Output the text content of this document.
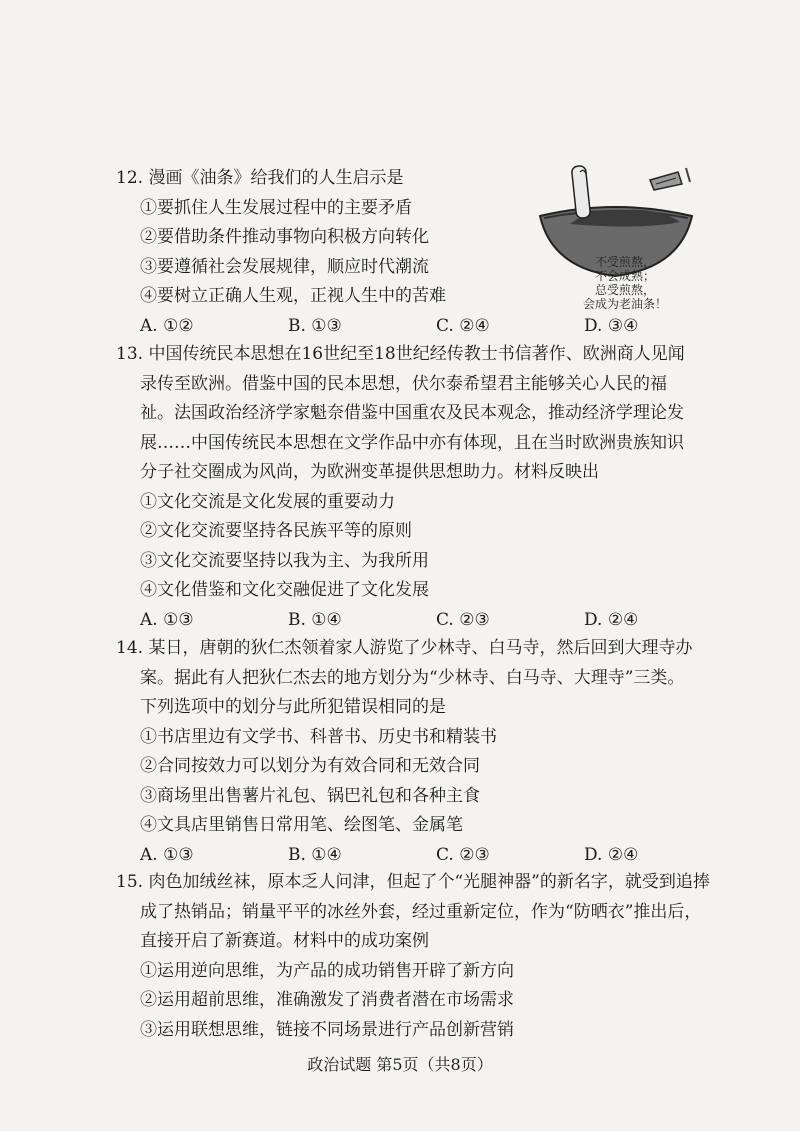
12. 漫画《油条》给我们的人生启示是
①要抓住人生发展过程中的主要矛盾
②要借助条件推动事物向积极方向转化
③要遵循社会发展规律，顺应时代潮流
④要树立正确人生观，正视人生中的苦难
A. ①②	B. ①③	C. ②④	D. ③④
不受煎熬，
不会成熟；
总受煎熬，
会成为老油条！
13. 中国传统民本思想在16世纪至18世纪经传教士书信著作、欧洲商人见闻
录传至欧洲。借鉴中国的民本思想，伏尔泰希望君主能够关心人民的福
祉。法国政治经济学家魁奈借鉴中国重农及民本观念，推动经济学理论发
展……中国传统民本思想在文学作品中亦有体现，且在当时欧洲贵族知识
分子社交圈成为风尚，为欧洲变革提供思想助力。材料反映出
①文化交流是文化发展的重要动力
②文化交流要坚持各民族平等的原则
③文化交流要坚持以我为主、为我所用
④文化借鉴和文化交融促进了文化发展
A. ①③	B. ①④	C. ②③	D. ②④
14. 某日，唐朝的狄仁杰领着家人游览了少林寺、白马寺，然后回到大理寺办
案。据此有人把狄仁杰去的地方划分为“少林寺、白马寺、大理寺”三类。
下列选项中的划分与此所犯错误相同的是
①书店里边有文学书、科普书、历史书和精装书
②合同按效力可以划分为有效合同和无效合同
③商场里出售薯片礼包、锅巴礼包和各种主食
④文具店里销售日常用笔、绘图笔、金属笔
A. ①③	B. ①④	C. ②③	D. ②④
15. 肉色加绒丝袜，原本乏人问津，但起了个“光腿神器”的新名字，就受到追捧
成了热销品；销量平平的冰丝外套，经过重新定位，作为“防晒衣”推出后，
直接开启了新赛道。材料中的成功案例
①运用逆向思维，为产品的成功销售开辟了新方向
②运用超前思维，准确激发了消费者潜在市场需求
③运用联想思维，链接不同场景进行产品创新营销
政治试题 第5页（共8页）
